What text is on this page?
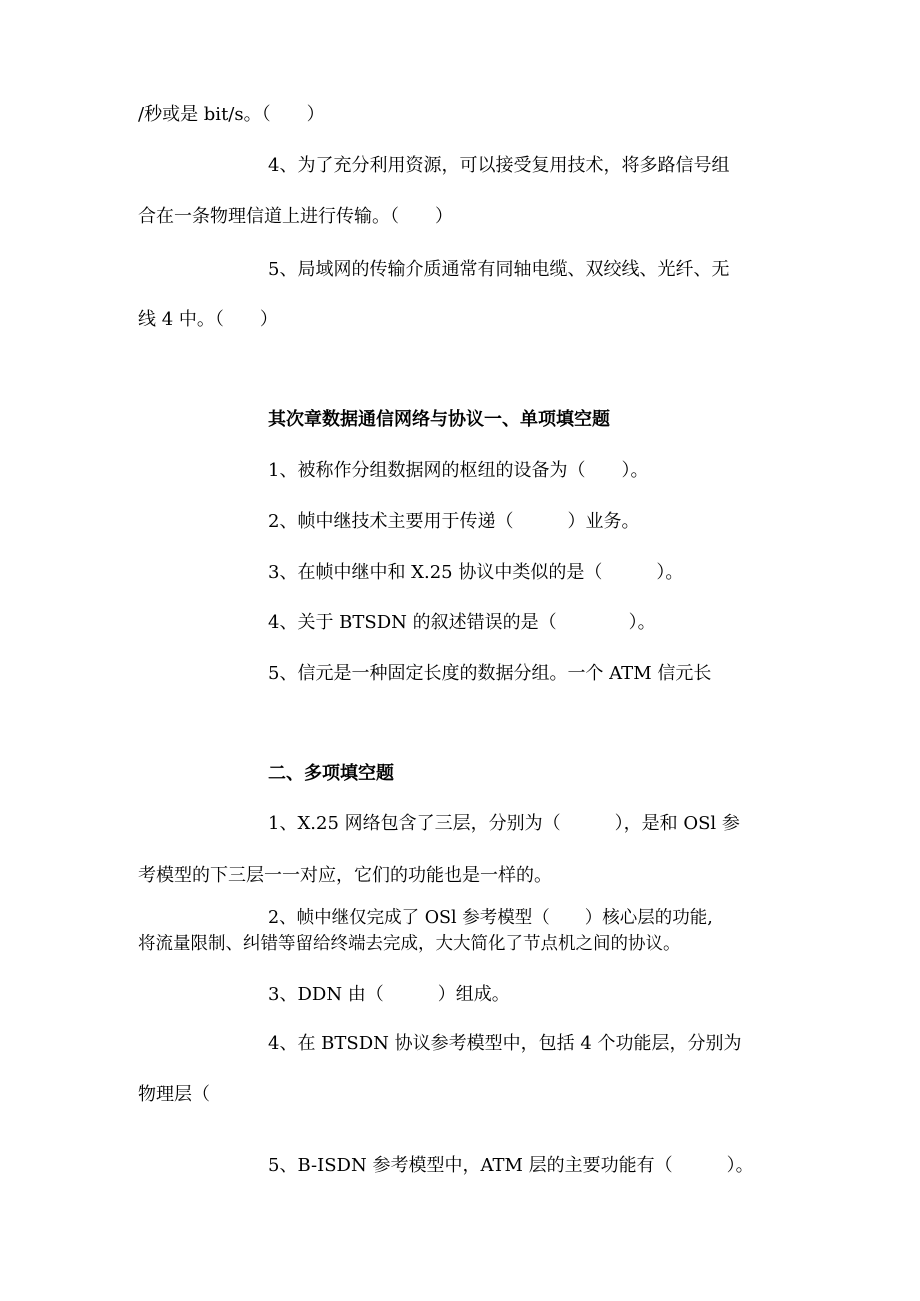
/秒或是 bit/s。（　　）
4、为了充分利用资源，可以接受复用技术，将多路信号组
合在一条物理信道上进行传输。（　　）
5、局域网的传输介质通常有同轴电缆、双绞线、光纤、无
线 4 中。（　　）
其次章数据通信网络与协议一、单项填空题
1、被称作分组数据网的枢纽的设备为（　　）。
2、帧中继技术主要用于传递（　　　）业务。
3、在帧中继中和 X.25 协议中类似的是（　　　）。
4、关于 BTSDN 的叙述错误的是（　　　　）。
5、信元是一种固定长度的数据分组。一个 ATM 信元长
二、多项填空题
1、X.25 网络包含了三层，分别为（　　　），是和 OSl 参
考模型的下三层一一对应，它们的功能也是一样的。
2、帧中继仅完成了 OSl 参考模型（　　）核心层的功能,
将流量限制、纠错等留给终端去完成，大大简化了节点机之间的协议。
3、DDN 由（　　　）组成。
4、在 BTSDN 协议参考模型中，包括 4 个功能层，分别为
物理层（
5、B-ISDN 参考模型中，ATM 层的主要功能有（　　　）。
